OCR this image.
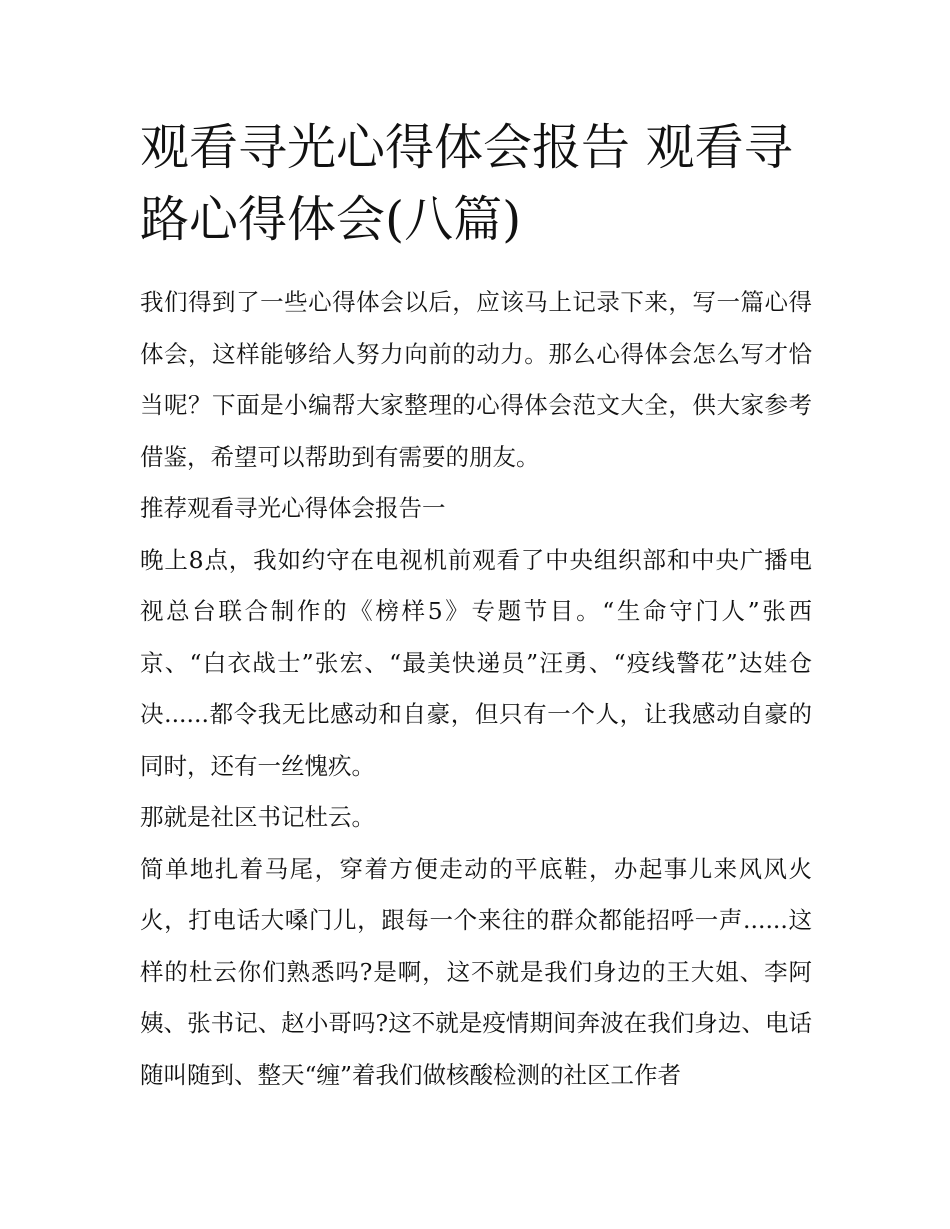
观看寻光心得体会报告 观看寻路心得体会(八篇)

我们得到了一些心得体会以后，应该马上记录下来，写一篇心得体会，这样能够给人努力向前的动力。那么心得体会怎么写才恰当呢？下面是小编帮大家整理的心得体会范文大全，供大家参考借鉴，希望可以帮助到有需要的朋友。

推荐观看寻光心得体会报告一

晚上8点，我如约守在电视机前观看了中央组织部和中央广播电视总台联合制作的《榜样5》专题节目。“生命守门人”张西京、“白衣战士”张宏、“最美快递员”汪勇、“疫线警花”达娃仓决......都令我无比感动和自豪，但只有一个人，让我感动自豪的同时，还有一丝愧疚。

那就是社区书记杜云。

简单地扎着马尾，穿着方便走动的平底鞋，办起事儿来风风火火，打电话大嗓门儿，跟每一个来往的群众都能招呼一声......这样的杜云你们熟悉吗?是啊，这不就是我们身边的王大姐、李阿姨、张书记、赵小哥吗?这不就是疫情期间奔波在我们身边、电话随叫随到、整天“缠”着我们做核酸检测的社区工作者
